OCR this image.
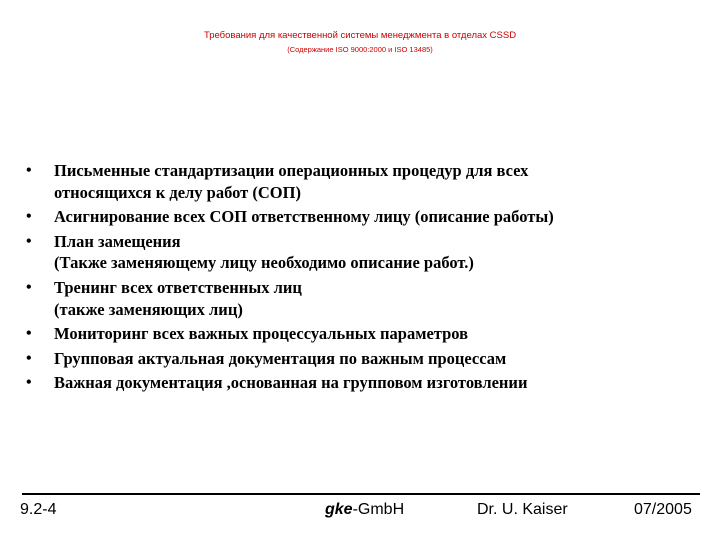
Требования для качественной системы менеджмента в отделах CSSD
(Содержание ISO 9000:2000 и ISO 13485)
• Письменные стандартизации операционных процедур для всех
относящихся к делу работ (СОП)
• Асигнирование всех СОП ответственному лицу (описание работы)
• План замещения
(Также заменяющему лицу необходимо описание работ.)
• Тренинг всех ответственных лиц
(также заменяющих лиц)
• Мониторинг всех важных процессуальных параметров
• Групповая актуальная документация по важным процессам
• Важная документация ,основанная на групповом изготовлении
9.2-4	gke-GmbH	Dr. U. Kaiser	07/2005
